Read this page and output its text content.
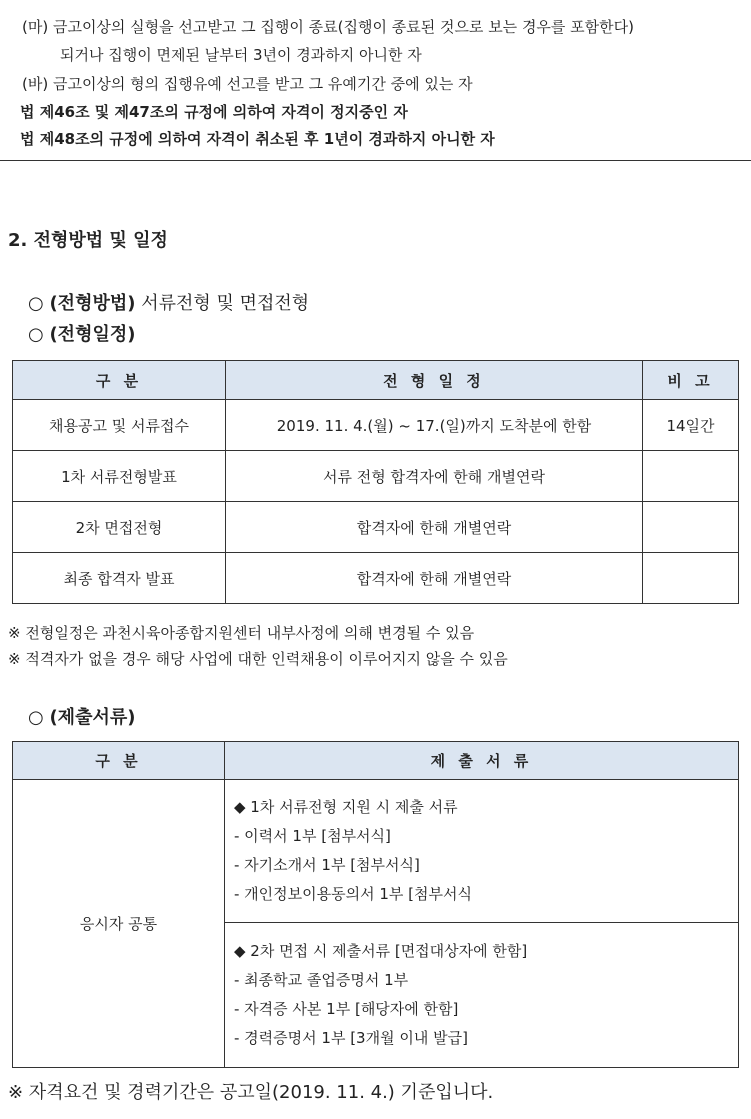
(마) 금고이상의 실형을 선고받고 그 집행이 종료(집행이 종료된 것으로 보는 경우를 포함한다)
되거나 집행이 면제된 날부터 3년이 경과하지 아니한 자
(바) 금고이상의 형의 집행유예 선고를 받고 그 유예기간 중에 있는 자
법 제46조 및 제47조의 규정에 의하여 자격이 정지중인 자
법 제48조의 규정에 의하여 자격이 취소된 후 1년이 경과하지 아니한 자
2. 전형방법 및 일정
○ (전형방법) 서류전형 및 면접전형
○ (전형일정)
구 분	전 형 일 정	비 고
채용공고 및 서류접수	2019. 11. 4.(월) ~ 17.(일)까지 도착분에 한함	14일간
1차 서류전형발표	서류 전형 합격자에 한해 개별연락	
2차 면접전형	합격자에 한해 개별연락	
최종 합격자 발표	합격자에 한해 개별연락	
※ 전형일정은 과천시육아종합지원센터 내부사정에 의해 변경될 수 있음
※ 적격자가 없을 경우 해당 사업에 대한 인력채용이 이루어지지 않을 수 있음
○ (제출서류)
구 분	제 출 서 류
응시자 공통	◆ 1차 서류전형 지원 시 제출 서류
- 이력서 1부 [첨부서식]
- 자기소개서 1부 [첨부서식]
- 개인정보이용동의서 1부 [첨부서식

	◆ 2차 면접 시 제출서류 [면접대상자에 한함]
- 최종학교 졸업증명서 1부
- 자격증 사본 1부 [해당자에 한함]
- 경력증명서 1부 [3개월 이내 발급]
※ 자격요건 및 경력기간은 공고일(2019. 11. 4.) 기준입니다.
